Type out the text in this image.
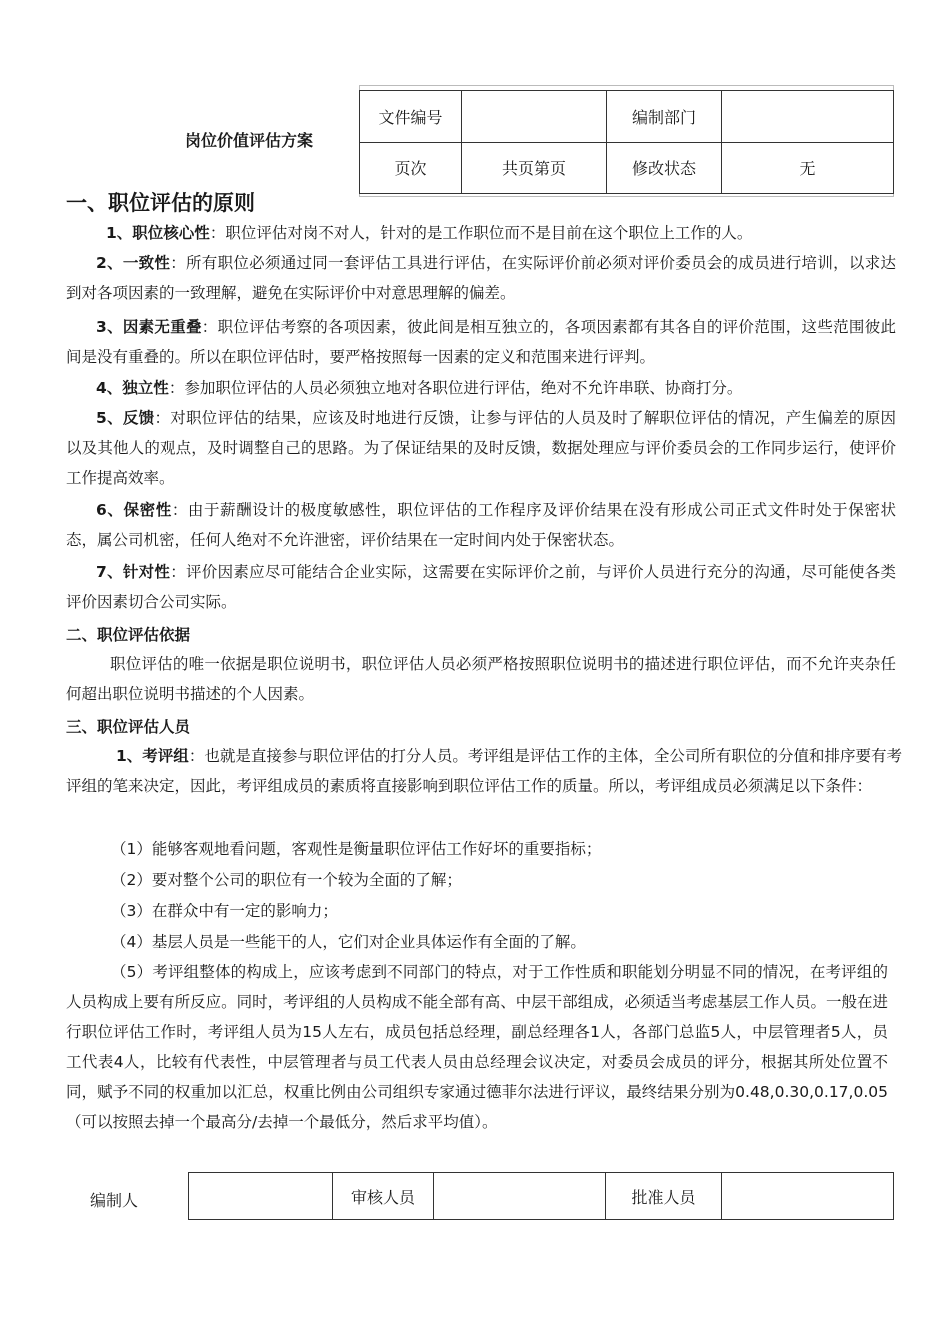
岗位价值评估方案
文件编号		编制部门	
页次	共页第页	修改状态	无
一、职位评估的原则
1、职位核心性：职位评估对岗不对人，针对的是工作职位而不是目前在这个职位上工作的人。
2、一致性：所有职位必须通过同一套评估工具进行评估，在实际评价前必须对评价委员会的成员进行培训，以求达到对各项因素的一致理解，避免在实际评价中对意思理解的偏差。
3、因素无重叠：职位评估考察的各项因素，彼此间是相互独立的，各项因素都有其各自的评价范围，这些范围彼此间是没有重叠的。所以在职位评估时，要严格按照每一因素的定义和范围来进行评判。
4、独立性：参加职位评估的人员必须独立地对各职位进行评估，绝对不允许串联、协商打分。
5、反馈：对职位评估的结果，应该及时地进行反馈，让参与评估的人员及时了解职位评估的情况，产生偏差的原因以及其他人的观点，及时调整自己的思路。为了保证结果的及时反馈，数据处理应与评价委员会的工作同步运行，使评价工作提高效率。
6、保密性：由于薪酬设计的极度敏感性，职位评估的工作程序及评价结果在没有形成公司正式文件时处于保密状态，属公司机密，任何人绝对不允许泄密，评价结果在一定时间内处于保密状态。
7、针对性：评价因素应尽可能结合企业实际，这需要在实际评价之前，与评价人员进行充分的沟通，尽可能使各类评价因素切合公司实际。
二、职位评估依据
职位评估的唯一依据是职位说明书，职位评估人员必须严格按照职位说明书的描述进行职位评估，而不允许夹杂任何超出职位说明书描述的个人因素。
三、职位评估人员
1、考评组：也就是直接参与职位评估的打分人员。考评组是评估工作的主体，全公司所有职位的分值和排序要有考评组的笔来决定，因此，考评组成员的素质将直接影响到职位评估工作的质量。所以，考评组成员必须满足以下条件：
（1）能够客观地看问题，客观性是衡量职位评估工作好坏的重要指标；
（2）要对整个公司的职位有一个较为全面的了解；
（3）在群众中有一定的影响力；
（4）基层人员是一些能干的人，它们对企业具体运作有全面的了解。
（5）考评组整体的构成上，应该考虑到不同部门的特点，对于工作性质和职能划分明显不同的情况，在考评组的人员构成上要有所反应。同时，考评组的人员构成不能全部有高、中层干部组成，必须适当考虑基层工作人员。一般在进行职位评估工作时，考评组人员为15人左右，成员包括总经理，副总经理各1人，各部门总监5人，中层管理者5人，员工代表4人，比较有代表性，中层管理者与员工代表人员由总经理会议决定，对委员会成员的评分，根据其所处位置不同，赋予不同的权重加以汇总，权重比例由公司组织专家通过德菲尔法进行评议，最终结果分别为0.48,0.30,0.17,0.05（可以按照去掉一个最高分/去掉一个最低分，然后求平均值）。
编制人
		审核人员		批准人员	
